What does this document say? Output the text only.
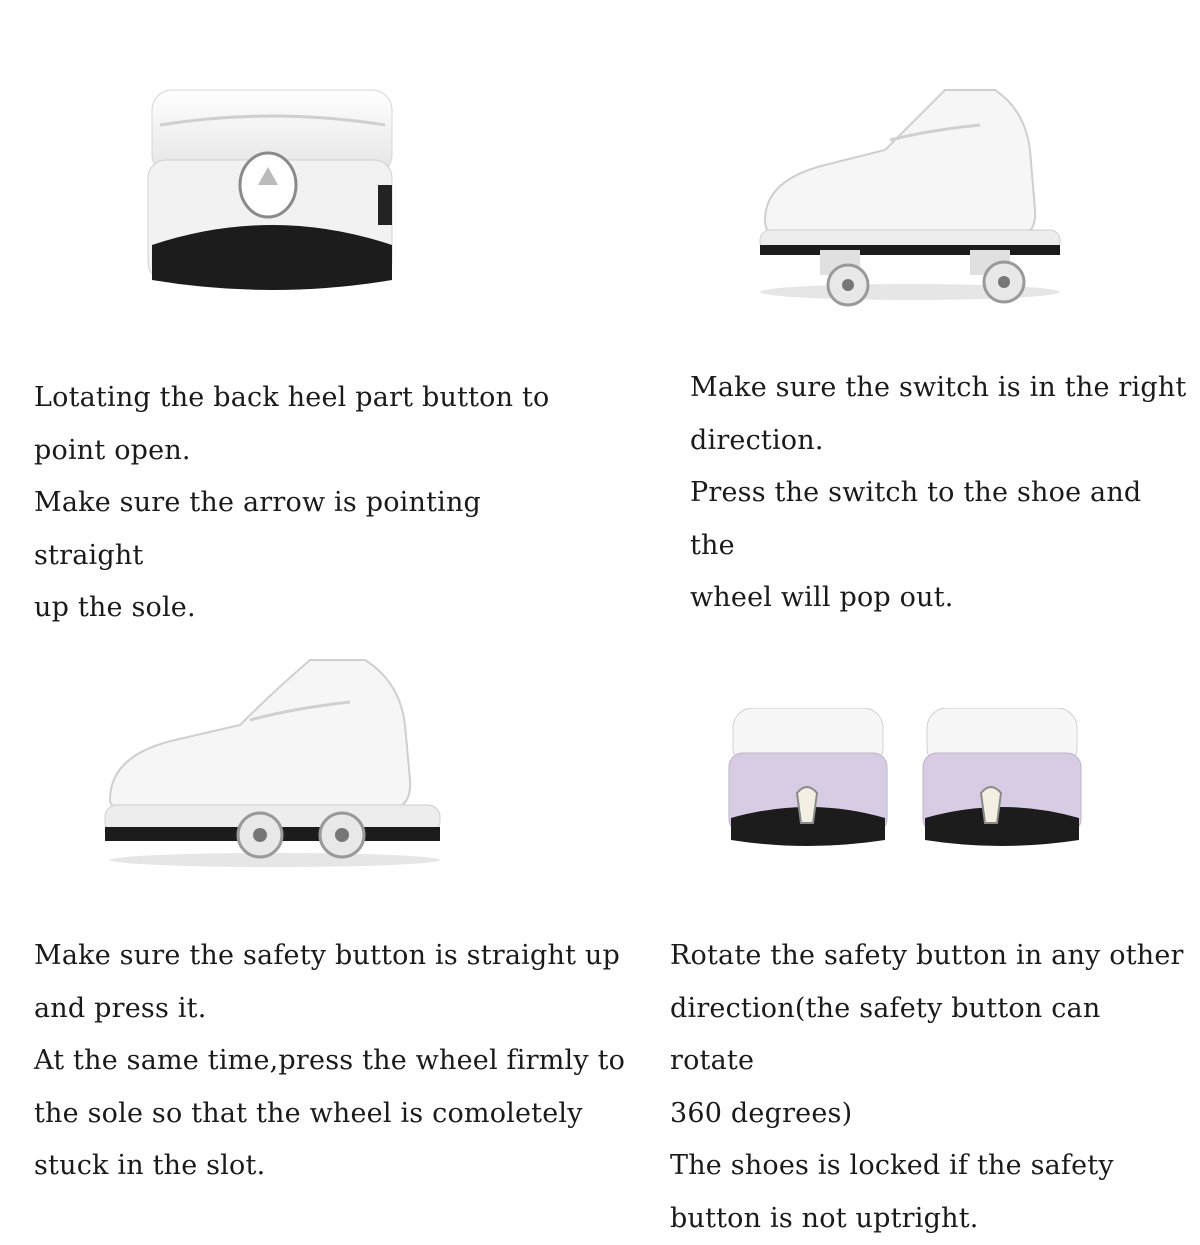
Lotating the back heel part button to

point open.

Make sure the arrow is pointing straight

up the sole.

Make sure the switch is in the right

direction.

Press the switch to the shoe and the

wheel will pop out.

Make sure the safety button is straight up

and press it.

At the same time,press the wheel firmly to

the sole so that the wheel is comoletely

stuck in the slot.

Rotate the safety button in any other

direction(the safety button can rotate

360 degrees)

The shoes is locked if the safety

button is not uptright.
